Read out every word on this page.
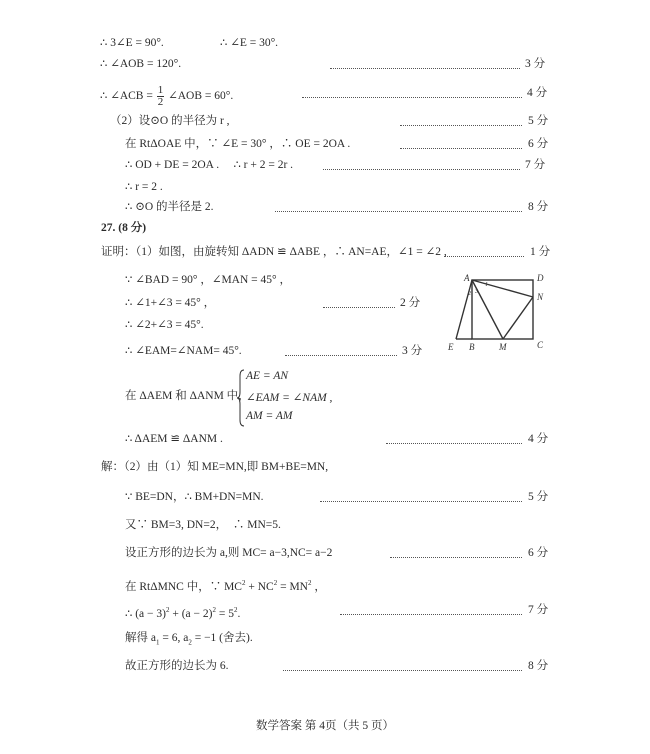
∴ 3∠E = 90°.	∴ ∠E = 30°.
∴ ∠AOB = 120°.	3 分
∴ ∠ACB = $\frac{1}{2}$ ∠AOB = 60°.	4 分
（2）设⊙O 的半径为 r ,	5 分
在 RtΔOAE 中，∵ ∠E = 30° ，∴ OE = 2OA .	6 分
∴ OD + DE = 2OA .     ∴ r + 2 = 2r .	7 分
∴ r = 2 .
∴ ⊙O 的半径是 2.	8 分
27. (8 分)
证明：（1）如图，由旋转知 ΔADN ≌ ΔABE ，∴ AN=AE，∠1 = ∠2 ,	1 分
∵ ∠BAD = 90° ，∠MAN = 45° ，
∴ ∠1+∠3 = 45° ，	2 分
∴ ∠2+∠3 = 45°.
∴ ∠EAM=∠NAM= 45°.	3 分
A	D
N
C
M
B
E
1
2 3
在 ΔAEM 和 ΔANM 中，
AE = AN
∠EAM = ∠NAM ,
AM = AM
∴ ΔAEM ≌ ΔANM .	4 分
解：（2）由（1）知 ME=MN,即 BM+BE=MN,
∵ BE=DN，∴ BM+DN=MN.	5 分
又∵ BM=3, DN=2，  ∴ MN=5.
设正方形的边长为 a,则 MC= a−3,NC= a−2	6 分
在 RtΔMNC 中，∵ $MC^2 + NC^2 = MN^2$ ，
∴ $(a - 3)^2 + (a - 2)^2 = 5^2$.	7 分
解得 $a_1 = 6$, $a_2 = -1$ (舍去).
故正方形的边长为 6.	8 分
数学答案 第 4页（共 5 页）
